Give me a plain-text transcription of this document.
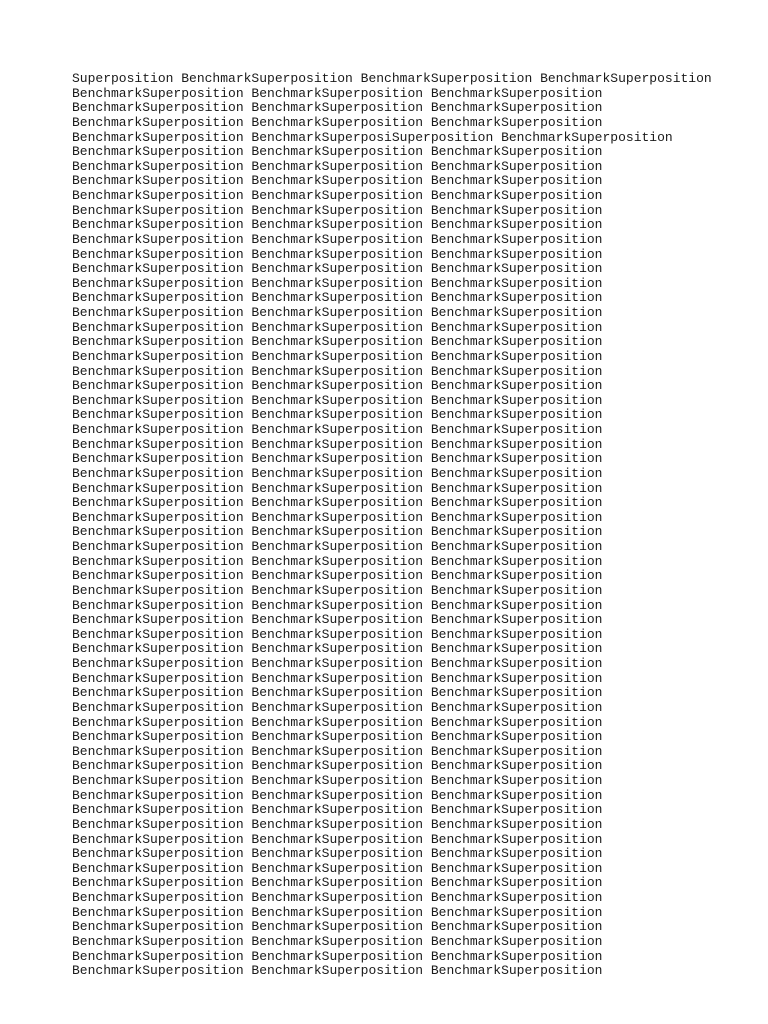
Superposition BenchmarkSuperposition BenchmarkSuperposition BenchmarkSuperposition
BenchmarkSuperposition BenchmarkSuperposition BenchmarkSuperposition
BenchmarkSuperposition BenchmarkSuperposition BenchmarkSuperposition
BenchmarkSuperposition BenchmarkSuperposition BenchmarkSuperposition
BenchmarkSuperposition BenchmarkSuperposiSuperposition BenchmarkSuperposition
BenchmarkSuperposition BenchmarkSuperposition BenchmarkSuperposition
BenchmarkSuperposition BenchmarkSuperposition BenchmarkSuperposition
BenchmarkSuperposition BenchmarkSuperposition BenchmarkSuperposition
BenchmarkSuperposition BenchmarkSuperposition BenchmarkSuperposition
BenchmarkSuperposition BenchmarkSuperposition BenchmarkSuperposition
BenchmarkSuperposition BenchmarkSuperposition BenchmarkSuperposition
BenchmarkSuperposition BenchmarkSuperposition BenchmarkSuperposition
BenchmarkSuperposition BenchmarkSuperposition BenchmarkSuperposition
BenchmarkSuperposition BenchmarkSuperposition BenchmarkSuperposition
BenchmarkSuperposition BenchmarkSuperposition BenchmarkSuperposition
BenchmarkSuperposition BenchmarkSuperposition BenchmarkSuperposition
BenchmarkSuperposition BenchmarkSuperposition BenchmarkSuperposition
BenchmarkSuperposition BenchmarkSuperposition BenchmarkSuperposition
BenchmarkSuperposition BenchmarkSuperposition BenchmarkSuperposition
BenchmarkSuperposition BenchmarkSuperposition BenchmarkSuperposition
BenchmarkSuperposition BenchmarkSuperposition BenchmarkSuperposition
BenchmarkSuperposition BenchmarkSuperposition BenchmarkSuperposition
BenchmarkSuperposition BenchmarkSuperposition BenchmarkSuperposition
BenchmarkSuperposition BenchmarkSuperposition BenchmarkSuperposition
BenchmarkSuperposition BenchmarkSuperposition BenchmarkSuperposition
BenchmarkSuperposition BenchmarkSuperposition BenchmarkSuperposition
BenchmarkSuperposition BenchmarkSuperposition BenchmarkSuperposition
BenchmarkSuperposition BenchmarkSuperposition BenchmarkSuperposition
BenchmarkSuperposition BenchmarkSuperposition BenchmarkSuperposition
BenchmarkSuperposition BenchmarkSuperposition BenchmarkSuperposition
BenchmarkSuperposition BenchmarkSuperposition BenchmarkSuperposition
BenchmarkSuperposition BenchmarkSuperposition BenchmarkSuperposition
BenchmarkSuperposition BenchmarkSuperposition BenchmarkSuperposition
BenchmarkSuperposition BenchmarkSuperposition BenchmarkSuperposition
BenchmarkSuperposition BenchmarkSuperposition BenchmarkSuperposition
BenchmarkSuperposition BenchmarkSuperposition BenchmarkSuperposition
BenchmarkSuperposition BenchmarkSuperposition BenchmarkSuperposition
BenchmarkSuperposition BenchmarkSuperposition BenchmarkSuperposition
BenchmarkSuperposition BenchmarkSuperposition BenchmarkSuperposition
BenchmarkSuperposition BenchmarkSuperposition BenchmarkSuperposition
BenchmarkSuperposition BenchmarkSuperposition BenchmarkSuperposition
BenchmarkSuperposition BenchmarkSuperposition BenchmarkSuperposition
BenchmarkSuperposition BenchmarkSuperposition BenchmarkSuperposition
BenchmarkSuperposition BenchmarkSuperposition BenchmarkSuperposition
BenchmarkSuperposition BenchmarkSuperposition BenchmarkSuperposition
BenchmarkSuperposition BenchmarkSuperposition BenchmarkSuperposition
BenchmarkSuperposition BenchmarkSuperposition BenchmarkSuperposition
BenchmarkSuperposition BenchmarkSuperposition BenchmarkSuperposition
BenchmarkSuperposition BenchmarkSuperposition BenchmarkSuperposition
BenchmarkSuperposition BenchmarkSuperposition BenchmarkSuperposition
BenchmarkSuperposition BenchmarkSuperposition BenchmarkSuperposition
BenchmarkSuperposition BenchmarkSuperposition BenchmarkSuperposition
BenchmarkSuperposition BenchmarkSuperposition BenchmarkSuperposition
BenchmarkSuperposition BenchmarkSuperposition BenchmarkSuperposition
BenchmarkSuperposition BenchmarkSuperposition BenchmarkSuperposition
BenchmarkSuperposition BenchmarkSuperposition BenchmarkSuperposition
BenchmarkSuperposition BenchmarkSuperposition BenchmarkSuperposition
BenchmarkSuperposition BenchmarkSuperposition BenchmarkSuperposition
BenchmarkSuperposition BenchmarkSuperposition BenchmarkSuperposition
BenchmarkSuperposition BenchmarkSuperposition BenchmarkSuperposition
BenchmarkSuperposition BenchmarkSuperposition BenchmarkSuperposition
BenchmarkSuperposition BenchmarkSuperposition BenchmarkSuperposition
